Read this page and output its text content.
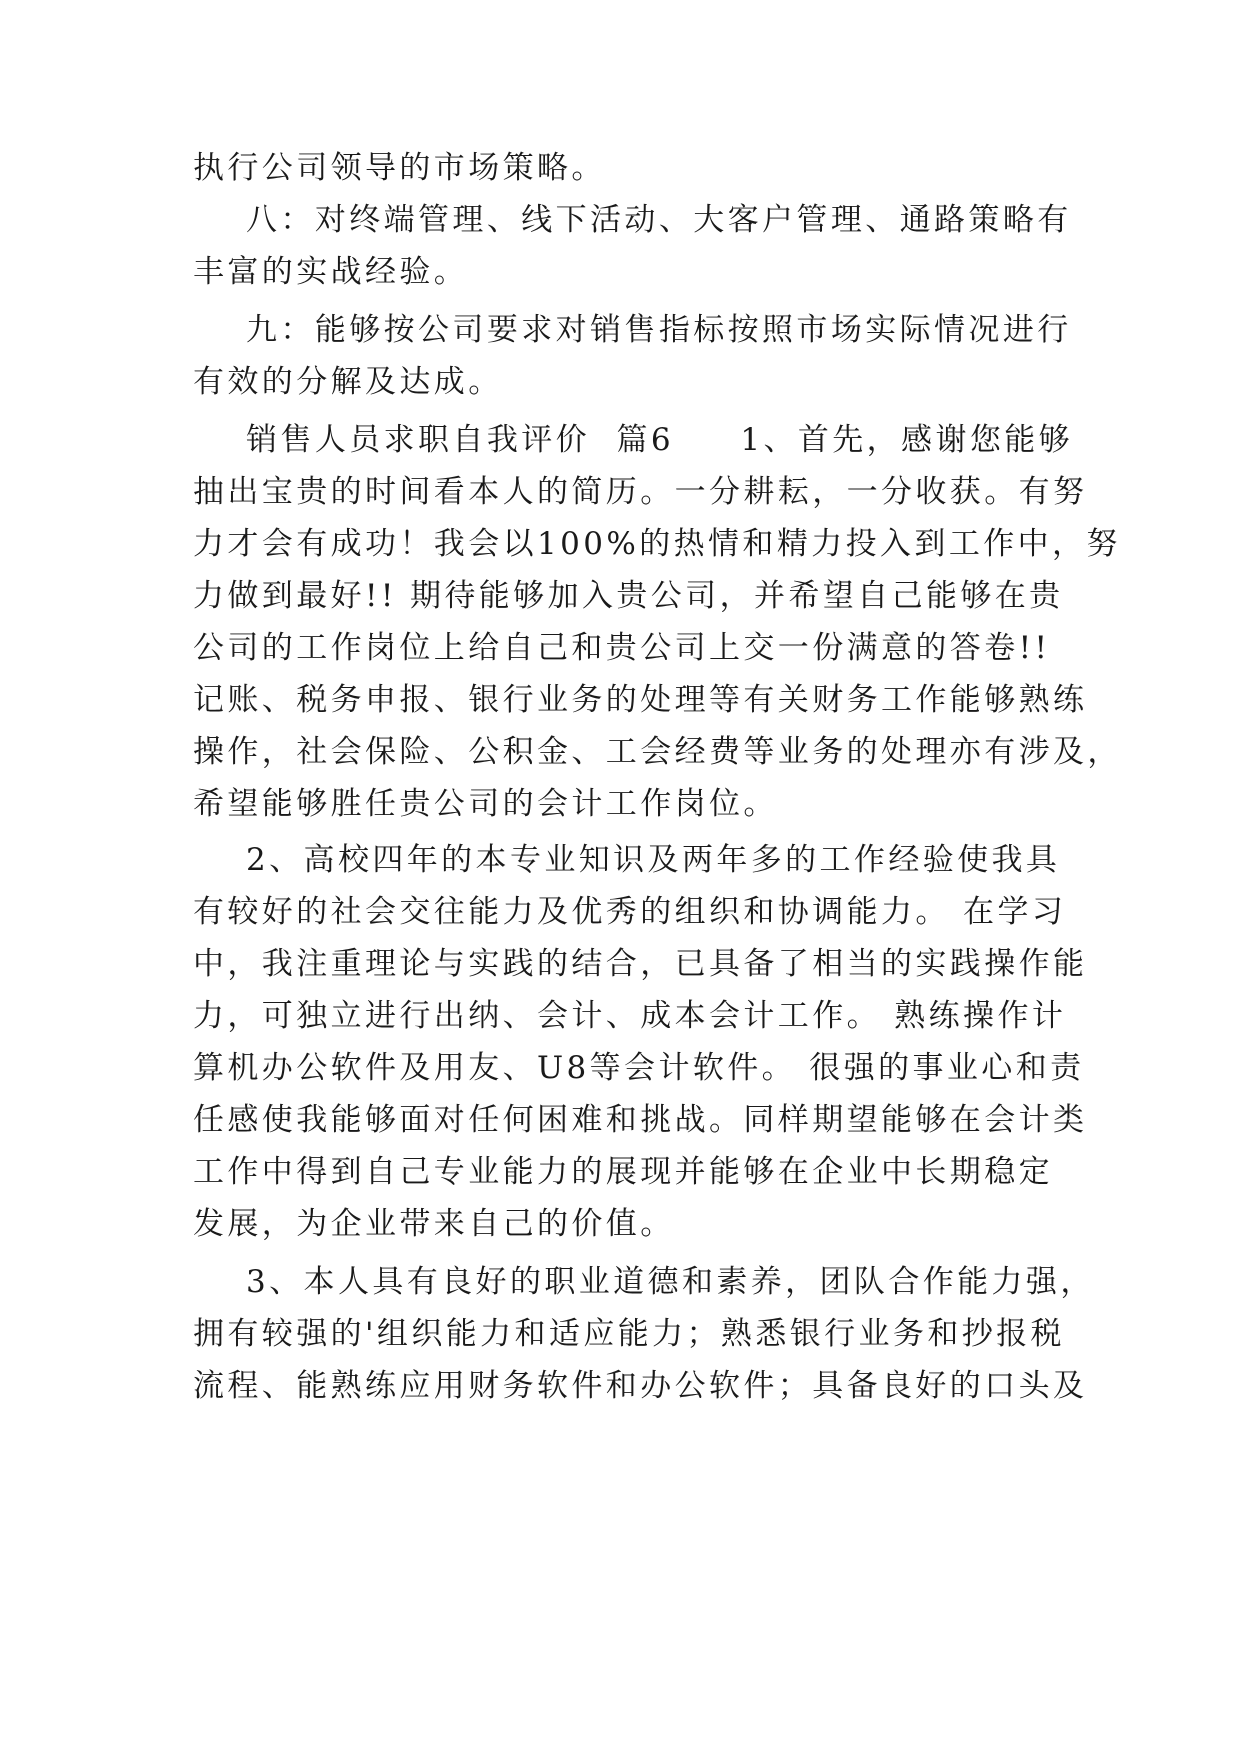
执行公司领导的市场策略。
八：对终端管理、线下活动、大客户管理、通路策略有
丰富的实战经验。
九：能够按公司要求对销售指标按照市场实际情况进行
有效的分解及达成。
销售人员求职自我评价  篇6     1、首先，感谢您能够
抽出宝贵的时间看本人的简历。一分耕耘，一分收获。有努
力才会有成功！我会以100%的热情和精力投入到工作中，努
力做到最好!! 期待能够加入贵公司，并希望自己能够在贵
公司的工作岗位上给自己和贵公司上交一份满意的答卷!!
记账、税务申报、银行业务的处理等有关财务工作能够熟练
操作，社会保险、公积金、工会经费等业务的处理亦有涉及，
希望能够胜任贵公司的会计工作岗位。
2、高校四年的本专业知识及两年多的工作经验使我具
有较好的社会交往能力及优秀的组织和协调能力。 在学习
中，我注重理论与实践的结合，已具备了相当的实践操作能
力，可独立进行出纳、会计、成本会计工作。 熟练操作计
算机办公软件及用友、U8等会计软件。 很强的事业心和责
任感使我能够面对任何困难和挑战。同样期望能够在会计类
工作中得到自己专业能力的展现并能够在企业中长期稳定
发展，为企业带来自己的价值。
3、本人具有良好的职业道德和素养，团队合作能力强，
拥有较强的'组织能力和适应能力；熟悉银行业务和抄报税
流程、能熟练应用财务软件和办公软件；具备良好的口头及
